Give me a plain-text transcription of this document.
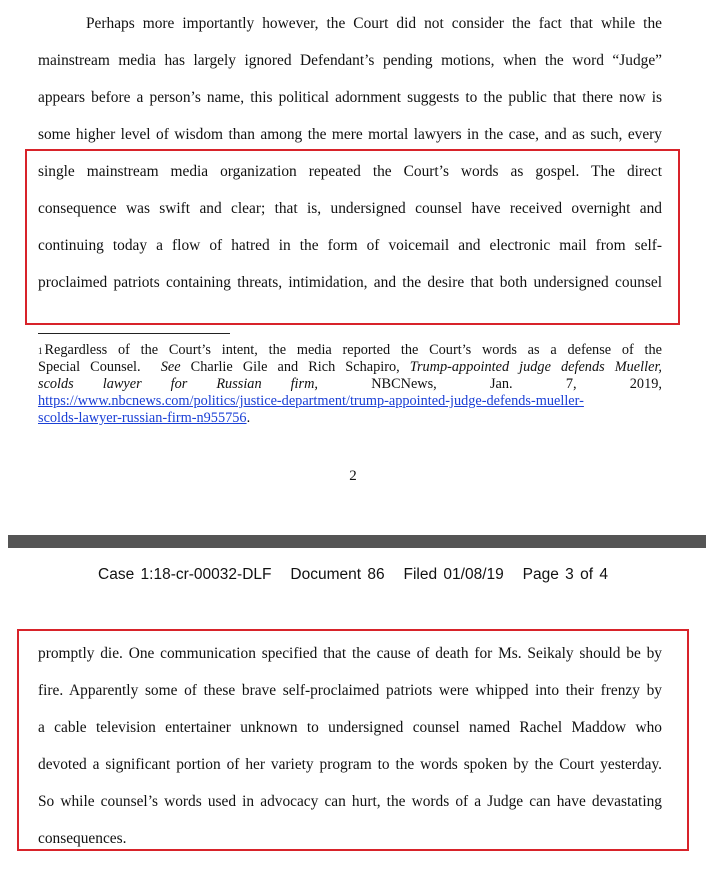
Perhaps more importantly however, the Court did not consider the fact that while the
mainstream media has largely ignored Defendant’s pending motions, when the word “Judge”
appears before a person’s name, this political adornment suggests to the public that there now is
some higher level of wisdom than among the mere mortal lawyers in the case, and as such, every
single mainstream media organization repeated the Court’s words as gospel. The direct
consequence was swift and clear; that is, undersigned counsel have received overnight and
continuing today a flow of hatred in the form of voicemail and electronic mail from self-
proclaimed patriots containing threats, intimidation, and the desire that both undersigned counsel
$^1$ Regardless of the Court’s intent, the media reported the Court’s words as a defense of the
Special Counsel.  See Charlie Gile and Rich Schapiro, Trump-appointed judge defends Mueller,
scolds lawyer for Russian firm,	NBCNews,	Jan.	7,	2019,
https://www.nbcnews.com/politics/justice-department/trump-appointed-judge-defends-mueller-
scolds-lawyer-russian-firm-n955756.
2
Case 1:18-cr-00032-DLF   Document 86   Filed 01/08/19   Page 3 of 4
promptly die. One communication specified that the cause of death for Ms. Seikaly should be by
fire. Apparently some of these brave self-proclaimed patriots were whipped into their frenzy by
a cable television entertainer unknown to undersigned counsel named Rachel Maddow who
devoted a significant portion of her variety program to the words spoken by the Court yesterday.
So while counsel’s words used in advocacy can hurt, the words of a Judge can have devastating
consequences.
